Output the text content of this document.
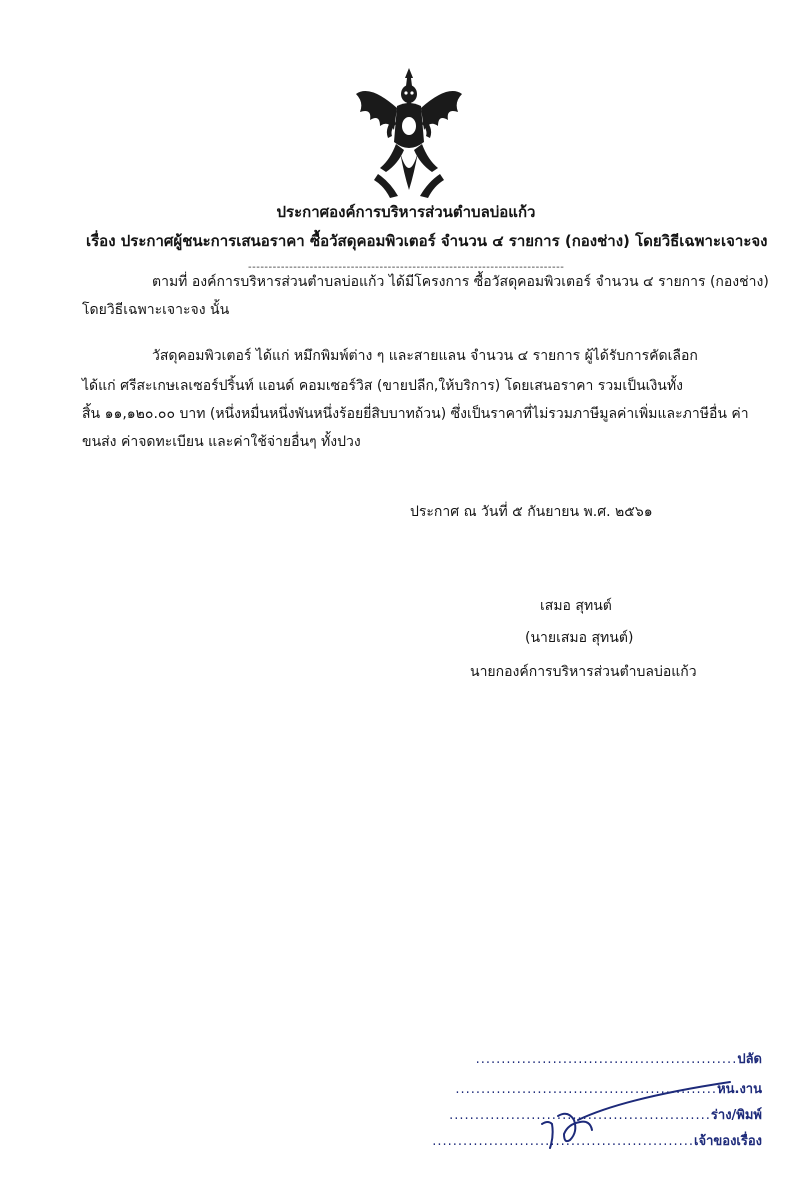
ประกาศองค์การบริหารส่วนตำบลบ่อแก้ว
เรื่อง ประกาศผู้ชนะการเสนอราคา ซื้อวัสดุคอมพิวเตอร์ จำนวน ๔ รายการ (กองช่าง) โดยวิธีเฉพาะเจาะจง
-----------------------------------------------------------------------------
ตามที่ องค์การบริหารส่วนตำบลบ่อแก้ว ได้มีโครงการ ซื้อวัสดุคอมพิวเตอร์ จำนวน ๔ รายการ (กองช่าง)
โดยวิธีเฉพาะเจาะจง นั้น
วัสดุคอมพิวเตอร์ ได้แก่ หมึกพิมพ์ต่าง ๆ และสายแลน จำนวน ๔ รายการ ผู้ได้รับการคัดเลือก
ได้แก่ ศรีสะเกษเลเซอร์ปริ้นท์ แอนด์ คอมเซอร์วิส (ขายปลีก,ให้บริการ) โดยเสนอราคา รวมเป็นเงินทั้ง
สิ้น ๑๑,๑๒๐.๐๐ บาท (หนึ่งหมื่นหนึ่งพันหนึ่งร้อยยี่สิบบาทถ้วน) ซึ่งเป็นราคาที่ไม่รวมภาษีมูลค่าเพิ่มและภาษีอื่น ค่า
ขนส่ง ค่าจดทะเบียน และค่าใช้จ่ายอื่นๆ ทั้งปวง
ประกาศ ณ วันที่ ๕ กันยายน พ.ศ. ๒๕๖๑
เสมอ สุทนต์
(นายเสมอ สุทนต์)
นายกองค์การบริหารส่วนตำบลบ่อแก้ว
...................................................ปลัด
...................................................หน.งาน
...................................................ร่าง/พิมพ์
...................................................เจ้าของเรื่อง
